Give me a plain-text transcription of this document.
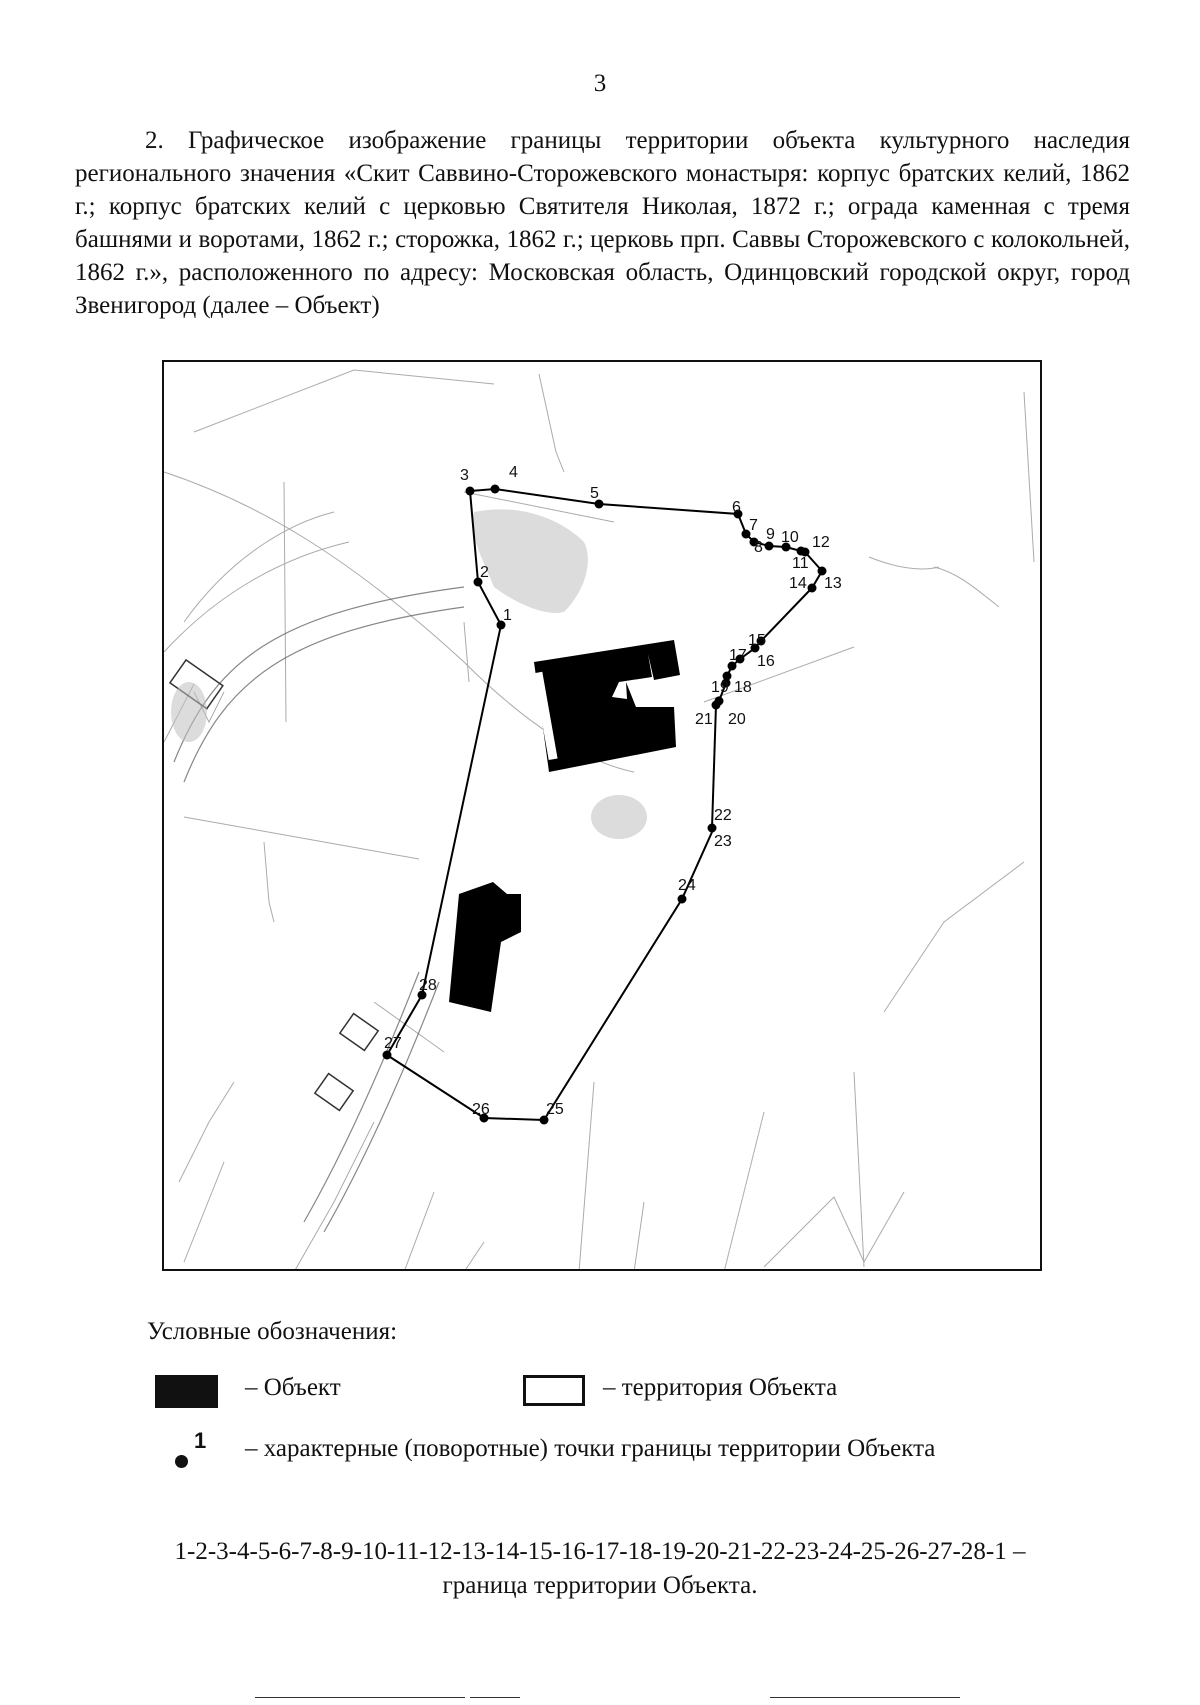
3

2. Графическое изображение границы территории объекта культурного наследия регионального значения «Скит Саввино-Сторожевского монастыря: корпус братских келий, 1862 г.; корпус братских келий с церковью Святителя Николая, 1872 г.; ограда каменная с тремя башнями и воротами, 1862 г.; сторожка, 1862 г.; церковь прп. Саввы Сторожевского с колокольней, 1862 г.», расположенного по адресу: Московская область, Одинцовский городской округ, город Звенигород (далее – Объект)

1
2
3	4
5
6
7
8
9 10
11
12
13
14
15
16
17
18
19
20
21
22
23
24
25
26
27
28
Условные обозначения:
– Объект	– территория Объекта
1 – характерные (поворотные) точки границы территории Объекта
1-2-3-4-5-6-7-8-9-10-11-12-13-14-15-16-17-18-19-20-21-22-23-24-25-26-27-28-1 –
граница территории Объекта.
